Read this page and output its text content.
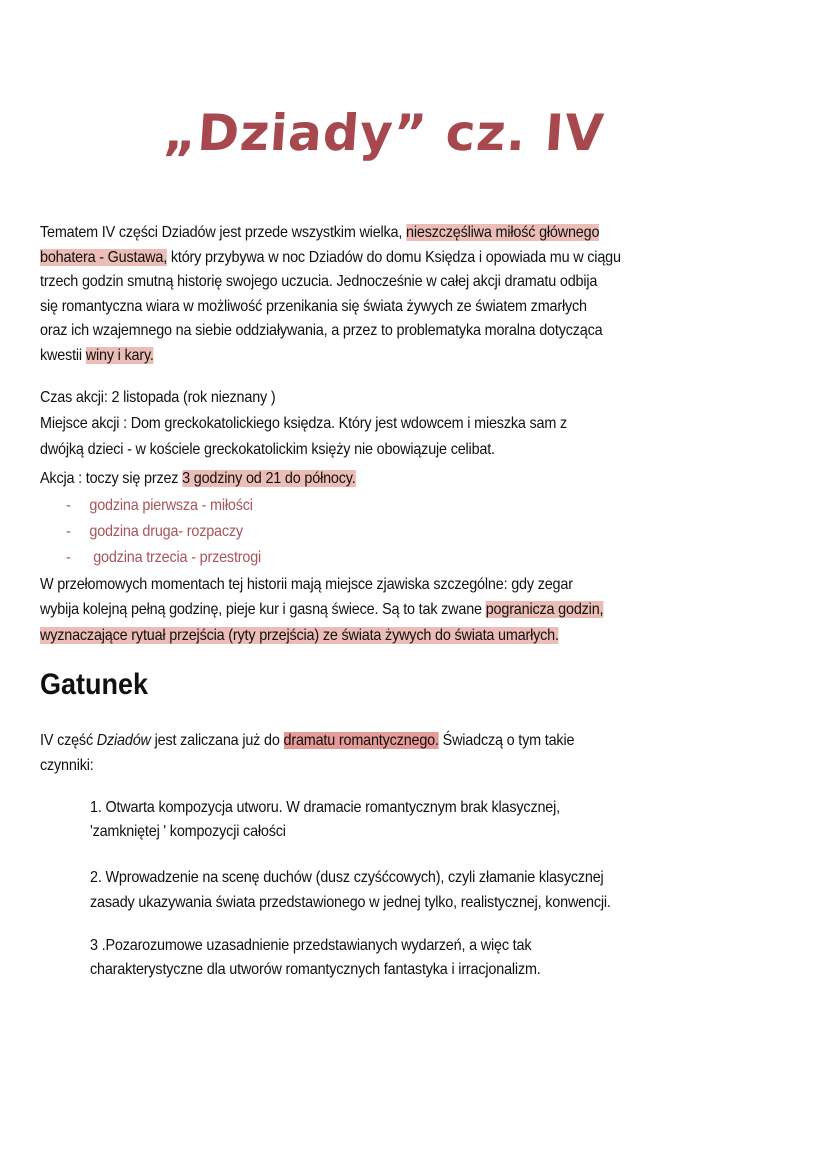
„Dziady” cz. IV
Tematem IV części Dziadów jest przede wszystkim wielka, nieszczęśliwa miłość głównego
bohatera - Gustawa, który przybywa w noc Dziadów do domu Księdza i opowiada mu w ciągu
trzech godzin smutną historię swojego uczucia. Jednocześnie w całej akcji dramatu odbija
się romantyczna wiara w możliwość przenikania się świata żywych ze światem zmarłych
oraz ich wzajemnego na siebie oddziaływania, a przez to problematyka moralna dotycząca
kwestii winy i kary.
Czas akcji: 2 listopada (rok nieznany )
Miejsce akcji : Dom greckokatolickiego księdza. Który jest wdowcem i mieszka sam z
dwójką dzieci - w kościele greckokatolickim księży nie obowiązuje celibat.
Akcja : toczy się przez 3 godziny od 21 do północy.
- godzina pierwsza - miłości
- godzina druga- rozpaczy
- godzina trzecia - przestrogi
W przełomowych momentach tej historii mają miejsce zjawiska szczególne: gdy zegar
wybija kolejną pełną godzinę, pieje kur i gasną świece. Są to tak zwane pogranicza godzin,
wyznaczające rytuał przejścia (ryty przejścia) ze świata żywych do świata umarłych.
IV część Dziadów jest zaliczana już do dramatu romantycznego. Świadczą o tym takie
czynniki:
1. Otwarta kompozycja utworu. W dramacie romantycznym brak klasycznej,
'zamkniętej ' kompozycji całości
2. Wprowadzenie na scenę duchów (dusz czyśćcowych), czyli złamanie klasycznej
zasady ukazywania świata przedstawionego w jednej tylko, realistycznej, konwencji.
3 .Pozarozumowe uzasadnienie przedstawianych wydarzeń, a więc tak
charakterystyczne dla utworów romantycznych fantastyka i irracjonalizm.
Gatunek
